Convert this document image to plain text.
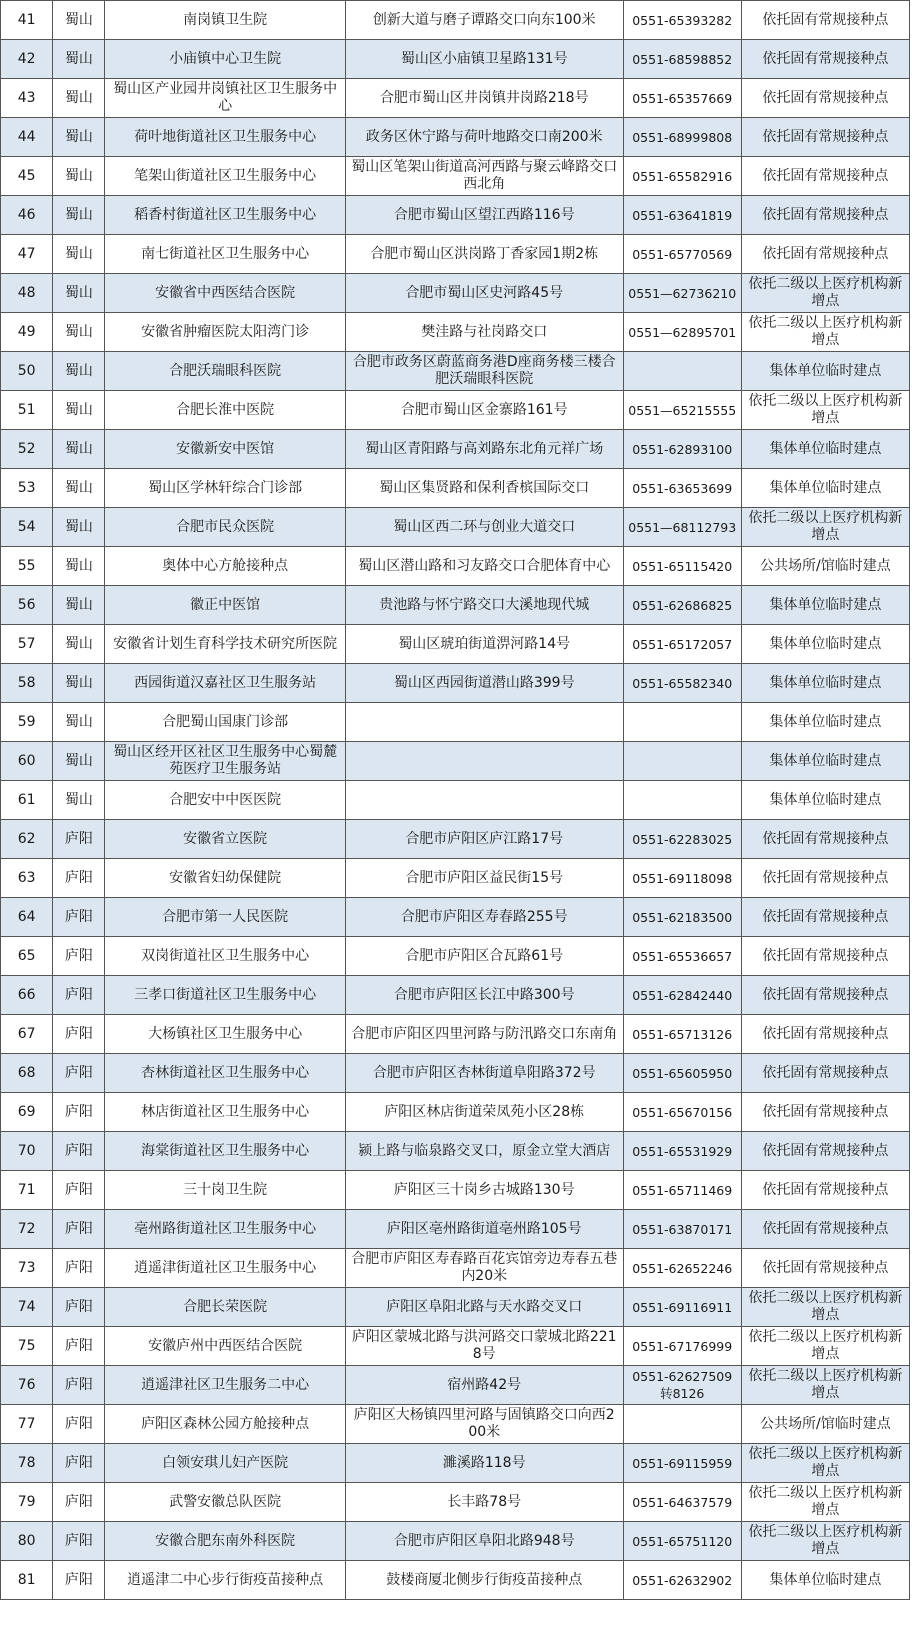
41	蜀山	南岗镇卫生院	创新大道与磨子谭路交口向东100米	0551-65393282	依托固有常规接种点
42	蜀山	小庙镇中心卫生院	蜀山区小庙镇卫星路131号	0551-68598852	依托固有常规接种点
43	蜀山	蜀山区产业园井岗镇社区卫生服务中心	合肥市蜀山区井岗镇井岗路218号	0551-65357669	依托固有常规接种点
44	蜀山	荷叶地街道社区卫生服务中心	政务区休宁路与荷叶地路交口南200米	0551-68999808	依托固有常规接种点
45	蜀山	笔架山街道社区卫生服务中心	蜀山区笔架山街道高河西路与聚云峰路交口西北角	0551-65582916	依托固有常规接种点
46	蜀山	稻香村街道社区卫生服务中心	合肥市蜀山区望江西路116号	0551-63641819	依托固有常规接种点
47	蜀山	南七街道社区卫生服务中心	合肥市蜀山区洪岗路丁香家园1期2栋	0551-65770569	依托固有常规接种点
48	蜀山	安徽省中西医结合医院	合肥市蜀山区史河路45号	0551—62736210	依托二级以上医疗机构新增点
49	蜀山	安徽省肿瘤医院太阳湾门诊	樊洼路与社岗路交口	0551—62895701	依托二级以上医疗机构新增点
50	蜀山	合肥沃瑞眼科医院	合肥市政务区蔚蓝商务港D座商务楼三楼合肥沃瑞眼科医院		集体单位临时建点
51	蜀山	合肥长淮中医院	合肥市蜀山区金寨路161号	0551—65215555	依托二级以上医疗机构新增点
52	蜀山	安徽新安中医馆	蜀山区青阳路与高刘路东北角元祥广场	0551-62893100	集体单位临时建点
53	蜀山	蜀山区学林轩综合门诊部	蜀山区集贤路和保利香槟国际交口	0551-63653699	集体单位临时建点
54	蜀山	合肥市民众医院	蜀山区西二环与创业大道交口	0551—68112793	依托二级以上医疗机构新增点
55	蜀山	奥体中心方舱接种点	蜀山区潜山路和习友路交口合肥体育中心	0551-65115420	公共场所/馆临时建点
56	蜀山	徽正中医馆	贵池路与怀宁路交口大溪地现代城	0551-62686825	集体单位临时建点
57	蜀山	安徽省计划生育科学技术研究所医院	蜀山区琥珀街道淠河路14号	0551-65172057	集体单位临时建点
58	蜀山	西园街道汉嘉社区卫生服务站	蜀山区西园街道潜山路399号	0551-65582340	集体单位临时建点
59	蜀山	合肥蜀山国康门诊部			集体单位临时建点
60	蜀山	蜀山区经开区社区卫生服务中心蜀麓苑医疗卫生服务站			集体单位临时建点
61	蜀山	合肥安中中医医院			集体单位临时建点
62	庐阳	安徽省立医院	合肥市庐阳区庐江路17号	0551-62283025	依托固有常规接种点
63	庐阳	安徽省妇幼保健院	合肥市庐阳区益民街15号	0551-69118098	依托固有常规接种点
64	庐阳	合肥市第一人民医院	合肥市庐阳区寿春路255号	0551-62183500	依托固有常规接种点
65	庐阳	双岗街道社区卫生服务中心	合肥市庐阳区合瓦路61号	0551-65536657	依托固有常规接种点
66	庐阳	三孝口街道社区卫生服务中心	合肥市庐阳区长江中路300号	0551-62842440	依托固有常规接种点
67	庐阳	大杨镇社区卫生服务中心	合肥市庐阳区四里河路与防汛路交口东南角	0551-65713126	依托固有常规接种点
68	庐阳	杏林街道社区卫生服务中心	合肥市庐阳区杏林街道阜阳路372号	0551-65605950	依托固有常规接种点
69	庐阳	林店街道社区卫生服务中心	庐阳区林店街道荣凤苑小区28栋	0551-65670156	依托固有常规接种点
70	庐阳	海棠街道社区卫生服务中心	颍上路与临泉路交叉口，原金立堂大酒店	0551-65531929	依托固有常规接种点
71	庐阳	三十岗卫生院	庐阳区三十岗乡古城路130号	0551-65711469	依托固有常规接种点
72	庐阳	亳州路街道社区卫生服务中心	庐阳区亳州路街道亳州路105号	0551-63870171	依托固有常规接种点
73	庐阳	逍遥津街道社区卫生服务中心	合肥市庐阳区寿春路百花宾馆旁边寿春五巷内20米	0551-62652246	依托固有常规接种点
74	庐阳	合肥长荣医院	庐阳区阜阳北路与天水路交叉口	0551-69116911	依托二级以上医疗机构新增点
75	庐阳	安徽庐州中西医结合医院	庐阳区蒙城北路与洪河路交口蒙城北路2218号	0551-67176999	依托二级以上医疗机构新增点
76	庐阳	逍遥津社区卫生服务二中心	宿州路42号	0551-62627509转8126	依托二级以上医疗机构新增点
77	庐阳	庐阳区森林公园方舱接种点	庐阳区大杨镇四里河路与固镇路交口向西200米		公共场所/馆临时建点
78	庐阳	白领安琪儿妇产医院	濉溪路118号	0551-69115959	依托二级以上医疗机构新增点
79	庐阳	武警安徽总队医院	长丰路78号	0551-64637579	依托二级以上医疗机构新增点
80	庐阳	安徽合肥东南外科医院	合肥市庐阳区阜阳北路948号	0551-65751120	依托二级以上医疗机构新增点
81	庐阳	逍遥津二中心步行街疫苗接种点	鼓楼商厦北侧步行街疫苗接种点	0551-62632902	集体单位临时建点
